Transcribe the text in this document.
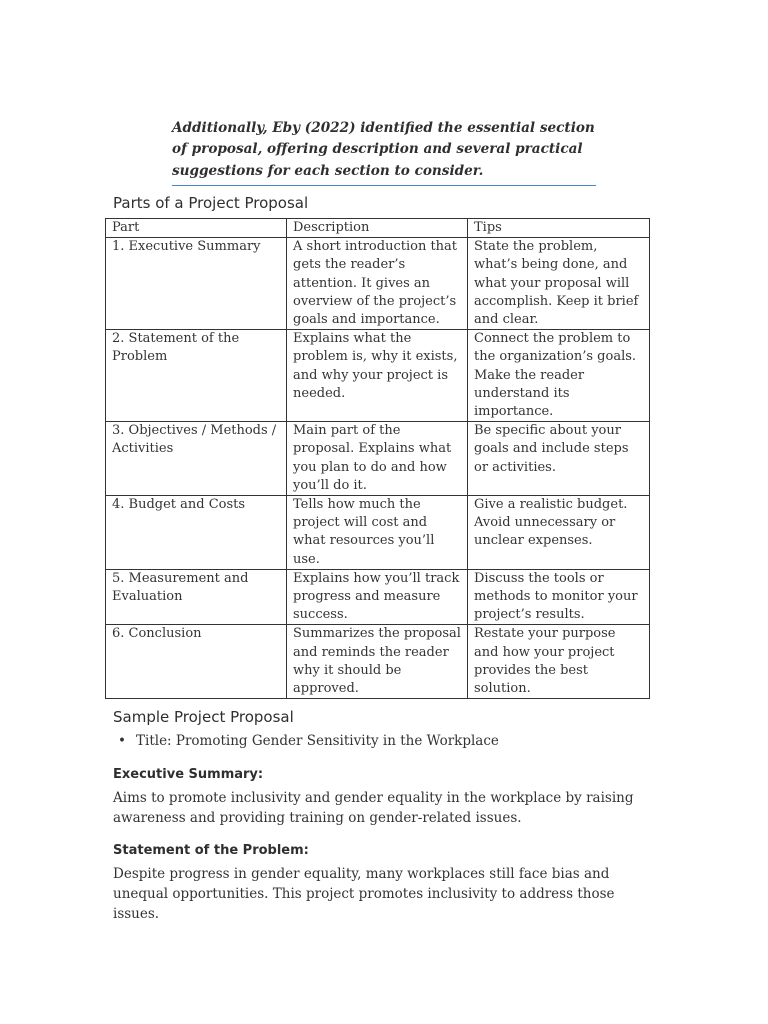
Additionally, Eby (2022) identified the essential section of proposal, offering description and several practical suggestions for each section to consider.

Parts of a Project Proposal
Part	Description	Tips
1. Executive Summary	A short introduction that gets the reader’s attention. It gives an overview of the project’s goals and importance.	State the problem, what’s being done, and what your proposal will accomplish. Keep it brief and clear.
2. Statement of the Problem	Explains what the problem is, why it exists, and why your project is needed.	Connect the problem to the organization’s goals. Make the reader understand its importance.
3. Objectives / Methods / Activities	Main part of the proposal. Explains what you plan to do and how you’ll do it.	Be specific about your goals and include steps or activities.
4. Budget and Costs	Tells how much the project will cost and what resources you’ll use.	Give a realistic budget. Avoid unnecessary or unclear expenses.
5. Measurement and Evaluation	Explains how you’ll track progress and measure success.	Discuss the tools or methods to monitor your project’s results.
6. Conclusion	Summarizes the proposal and reminds the reader why it should be approved.	Restate your purpose and how your project provides the best solution.
Sample Project Proposal
• Title: Promoting Gender Sensitivity in the Workplace
Executive Summary:

Aims to promote inclusivity and gender equality in the workplace by raising awareness and providing training on gender-related issues.

Statement of the Problem:

Despite progress in gender equality, many workplaces still face bias and unequal opportunities. This project promotes inclusivity to address those issues.
